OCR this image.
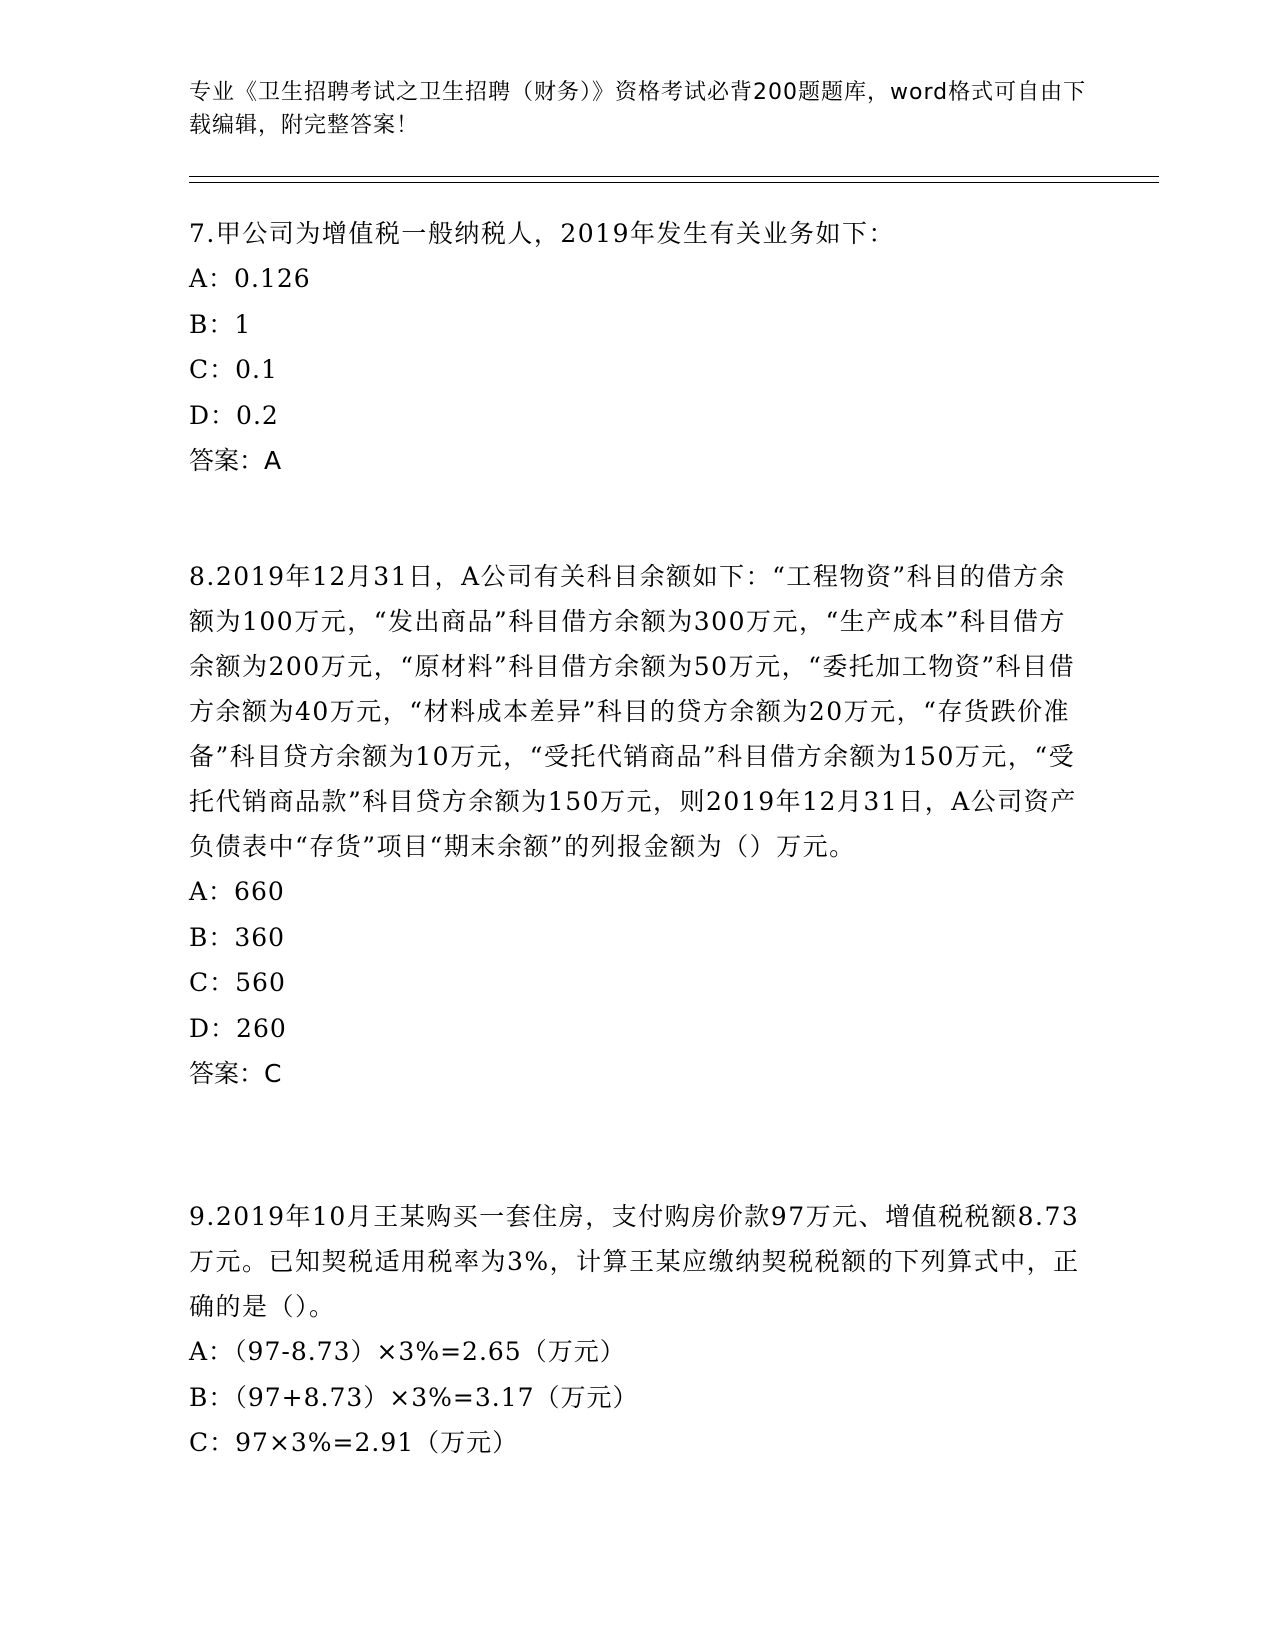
专业《卫生招聘考试之卫生招聘（财务）》资格考试必背200题题库，word格式可自由下载编辑，附完整答案！

7.甲公司为增值税一般纳税人，2019年发生有关业务如下：

A：0.126

B：1

C：0.1

D：0.2

答案：A

8.2019年12月31日，A公司有关科目余额如下：“工程物资”科目的借方余额为100万元，“发出商品”科目借方余额为300万元，“生产成本”科目借方余额为200万元，“原材料”科目借方余额为50万元，“委托加工物资”科目借方余额为40万元，“材料成本差异”科目的贷方余额为20万元，“存货跌价准备”科目贷方余额为10万元，“受托代销商品”科目借方余额为150万元，“受托代销商品款”科目贷方余额为150万元，则2019年12月31日，A公司资产负债表中“存货”项目“期末余额”的列报金额为（）万元。

A：660

B：360

C：560

D：260

答案：C

9.2019年10月王某购买一套住房，支付购房价款97万元、增值税税额8.73万元。已知契税适用税率为3%，计算王某应缴纳契税税额的下列算式中，正确的是（）。

A：（97-8.73）×3%=2.65（万元）

B：（97+8.73）×3%=3.17（万元）

C：97×3%=2.91（万元）
